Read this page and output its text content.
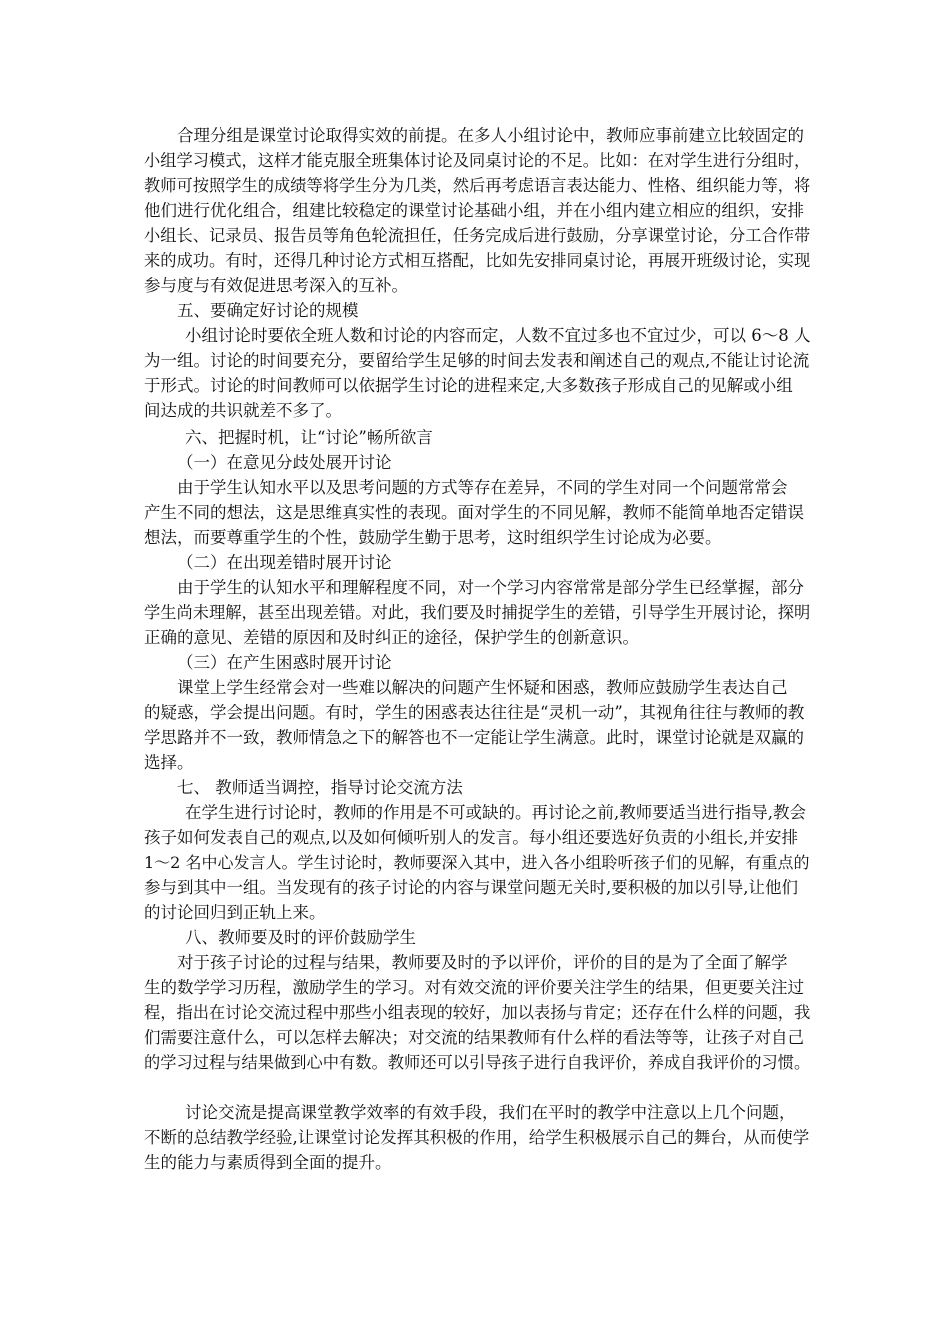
合理分组是课堂讨论取得实效的前提。在多人小组讨论中，教师应事前建立比较固定的
小组学习模式，这样才能克服全班集体讨论及同桌讨论的不足。比如：在对学生进行分组时，
教师可按照学生的成绩等将学生分为几类，然后再考虑语言表达能力、性格、组织能力等，将
他们进行优化组合，组建比较稳定的课堂讨论基础小组，并在小组内建立相应的组织，安排
小组长、记录员、报告员等角色轮流担任，任务完成后进行鼓励，分享课堂讨论，分工合作带
来的成功。有时，还得几种讨论方式相互搭配，比如先安排同桌讨论，再展开班级讨论，实现
参与度与有效促进思考深入的互补。
五、要确定好讨论的规模
小组讨论时要依全班人数和讨论的内容而定，人数不宜过多也不宜过少，可以 6～8 人
为一组。讨论的时间要充分，要留给学生足够的时间去发表和阐述自己的观点,不能让讨论流
于形式。讨论的时间教师可以依据学生讨论的进程来定,大多数孩子形成自己的见解或小组
间达成的共识就差不多了。
六、把握时机，让“讨论”畅所欲言
（一）在意见分歧处展开讨论
由于学生认知水平以及思考问题的方式等存在差异，不同的学生对同一个问题常常会
产生不同的想法，这是思维真实性的表现。面对学生的不同见解，教师不能简单地否定错误
想法，而要尊重学生的个性，鼓励学生勤于思考，这时组织学生讨论成为必要。
（二）在出现差错时展开讨论
由于学生的认知水平和理解程度不同，对一个学习内容常常是部分学生已经掌握，部分
学生尚未理解，甚至出现差错。对此，我们要及时捕捉学生的差错，引导学生开展讨论，探明
正确的意见、差错的原因和及时纠正的途径，保护学生的创新意识。
（三）在产生困惑时展开讨论
课堂上学生经常会对一些难以解决的问题产生怀疑和困惑，教师应鼓励学生表达自己
的疑惑，学会提出问题。有时，学生的困惑表达往往是“灵机一动”，其视角往往与教师的教
学思路并不一致，教师情急之下的解答也不一定能让学生满意。此时，课堂讨论就是双赢的
选择。
七、 教师适当调控，指导讨论交流方法
在学生进行讨论时，教师的作用是不可或缺的。再讨论之前,教师要适当进行指导,教会
孩子如何发表自己的观点,以及如何倾听别人的发言。每小组还要选好负责的小组长,并安排
1～2 名中心发言人。学生讨论时，教师要深入其中，进入各小组聆听孩子们的见解，有重点的
参与到其中一组。当发现有的孩子讨论的内容与课堂问题无关时,要积极的加以引导,让他们
的讨论回归到正轨上来。
八、教师要及时的评价鼓励学生
对于孩子讨论的过程与结果，教师要及时的予以评价，评价的目的是为了全面了解学
生的数学学习历程，激励学生的学习。对有效交流的评价要关注学生的结果，但更要关注过
程，指出在讨论交流过程中那些小组表现的较好，加以表扬与肯定；还存在什么样的问题，我
们需要注意什么，可以怎样去解决；对交流的结果教师有什么样的看法等等，让孩子对自己
的学习过程与结果做到心中有数。教师还可以引导孩子进行自我评价，养成自我评价的习惯。
讨论交流是提高课堂教学效率的有效手段，我们在平时的教学中注意以上几个问题，
不断的总结教学经验,让课堂讨论发挥其积极的作用，给学生积极展示自己的舞台，从而使学
生的能力与素质得到全面的提升。
